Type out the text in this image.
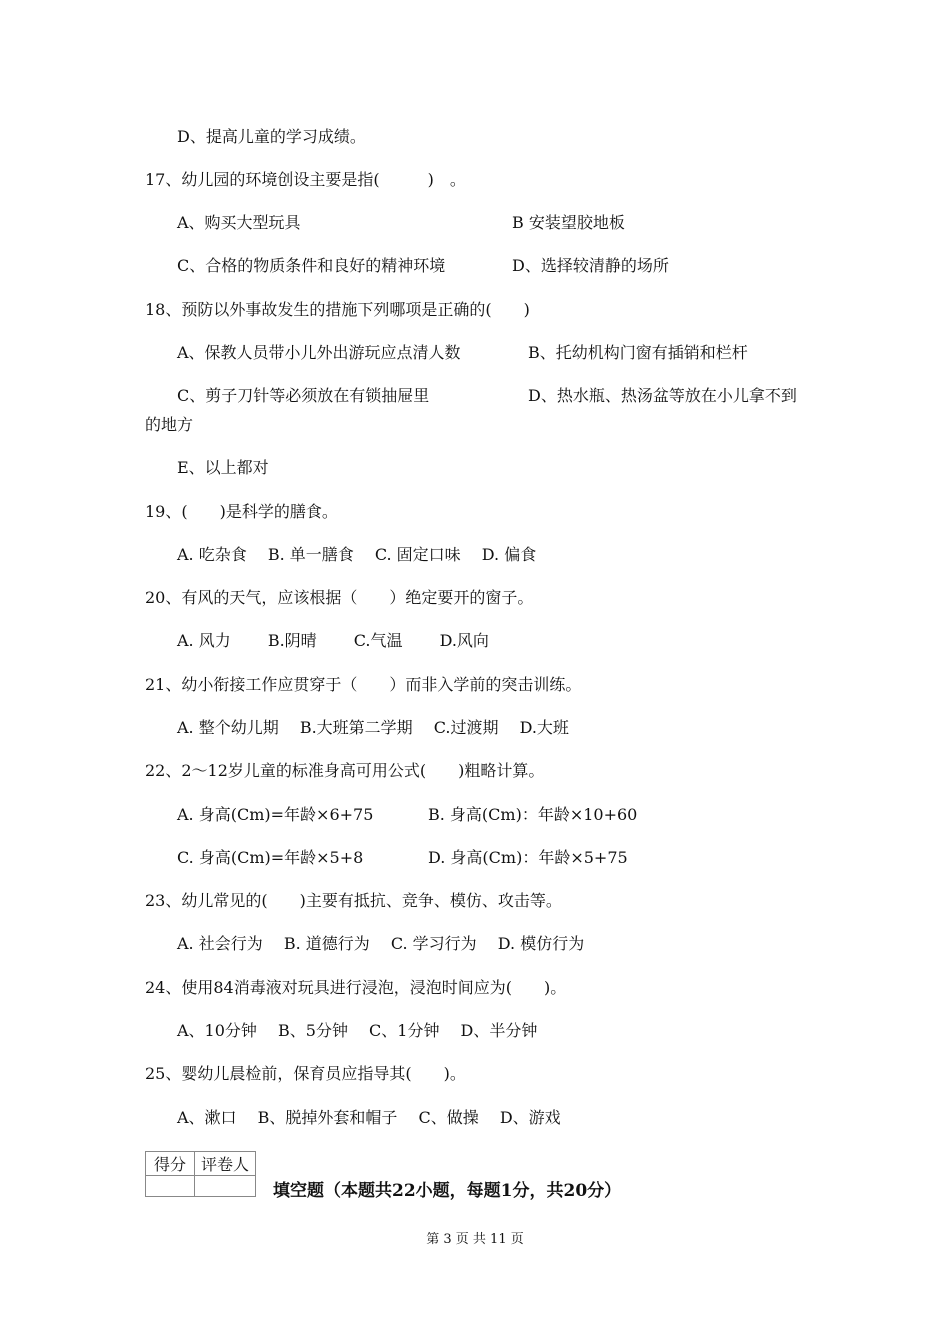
D、提高儿童的学习成绩。
17、幼儿园的环境创设主要是指(　　　)　。
A、购买大型玩具	B 安装望胶地板
C、合格的物质条件和良好的精神环境	D、选择较清静的场所
18、预防以外事故发生的措施下列哪项是正确的(　　)
A、保教人员带小儿外出游玩应点清人数	B、托幼机构门窗有插销和栏杆
C、剪子刀针等必须放在有锁抽屉里	D、热水瓶、热汤盆等放在小儿拿不到
的地方
E、以上都对
19、(　　)是科学的膳食。
A. 吃杂食　 B. 单一膳食　 C. 固定口味　 D. 偏食
20、有风的天气，应该根据（　　）绝定要开的窗子。
A. 风力　　 B.阴晴　　 C.气温　　 D.风向
21、幼小衔接工作应贯穿于（　　）而非入学前的突击训练。
A. 整个幼儿期　 B.大班第二学期　 C.过渡期　 D.大班
22、2～12岁儿童的标准身高可用公式(　　)粗略计算。
A. 身高(Cm)=年龄×6+75	B. 身高(Cm)：年龄×10+60
C. 身高(Cm)=年龄×5+8	D. 身高(Cm)：年龄×5+75
23、幼儿常见的(　　)主要有抵抗、竞争、模仿、攻击等。
A. 社会行为　 B. 道德行为　 C. 学习行为　 D. 模仿行为
24、使用84消毒液对玩具进行浸泡，浸泡时间应为(　　)。
A、10分钟　 B、5分钟　 C、1分钟　 D、半分钟
25、婴幼儿晨检前，保育员应指导其(　　)。
A、漱口　 B、脱掉外套和帽子　 C、做操　 D、游戏
得分	评卷人

填空题（本题共22小题，每题1分，共20分）
第 3 页 共 11 页
